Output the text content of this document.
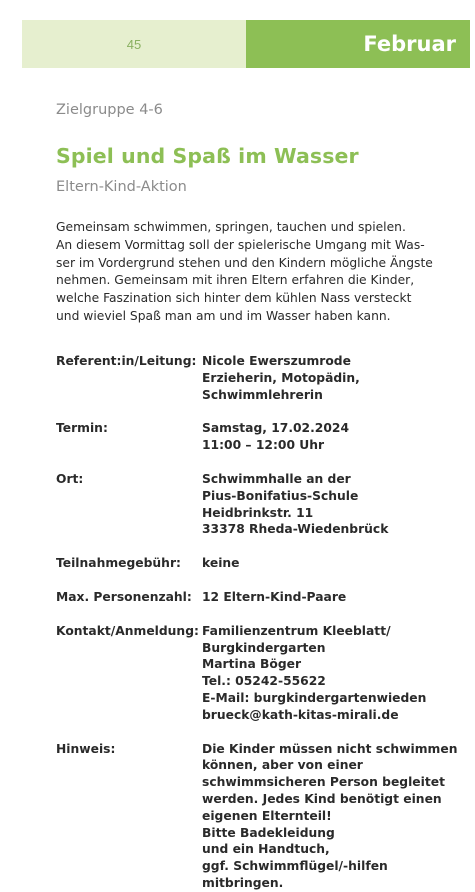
45	Februar
Zielgruppe 4-6
Spiel und Spaß im Wasser
Eltern-Kind-Aktion
Gemeinsam schwimmen, springen, tauchen und spielen.
An diesem Vormittag soll der spielerische Umgang mit Was-
ser im Vordergrund stehen und den Kindern mögliche Ängste
nehmen. Gemeinsam mit ihren Eltern erfahren die Kinder,
welche Faszination sich hinter dem kühlen Nass versteckt
und wieviel Spaß man am und im Wasser haben kann.
Referent:in/Leitung: Nicole Ewerszumrode
Erzieherin, Motopädin,
Schwimmlehrerin
Termin:	Samstag, 17.02.2024
11:00 – 12:00 Uhr
Ort:	Schwimmhalle an der
Pius-Bonifatius-Schule
Heidbrinkstr. 11
33378 Rheda-Wiedenbrück
Teilnahmegebühr:	keine
Max. Personenzahl: 12 Eltern-Kind-Paare
Kontakt/Anmeldung: Familienzentrum Kleeblatt/
Burgkindergarten
Martina Böger
Tel.: 05242-55622
E-Mail: burgkindergartenwieden
brueck@kath-kitas-mirali.de
Hinweis:	Die Kinder müssen nicht schwimmen
können, aber von einer
schwimmsicheren Person begleitet
werden. Jedes Kind benötigt einen
eigenen Elternteil!
Bitte Badekleidung
und ein Handtuch,
ggf. Schwimmflügel/-hilfen
mitbringen.
